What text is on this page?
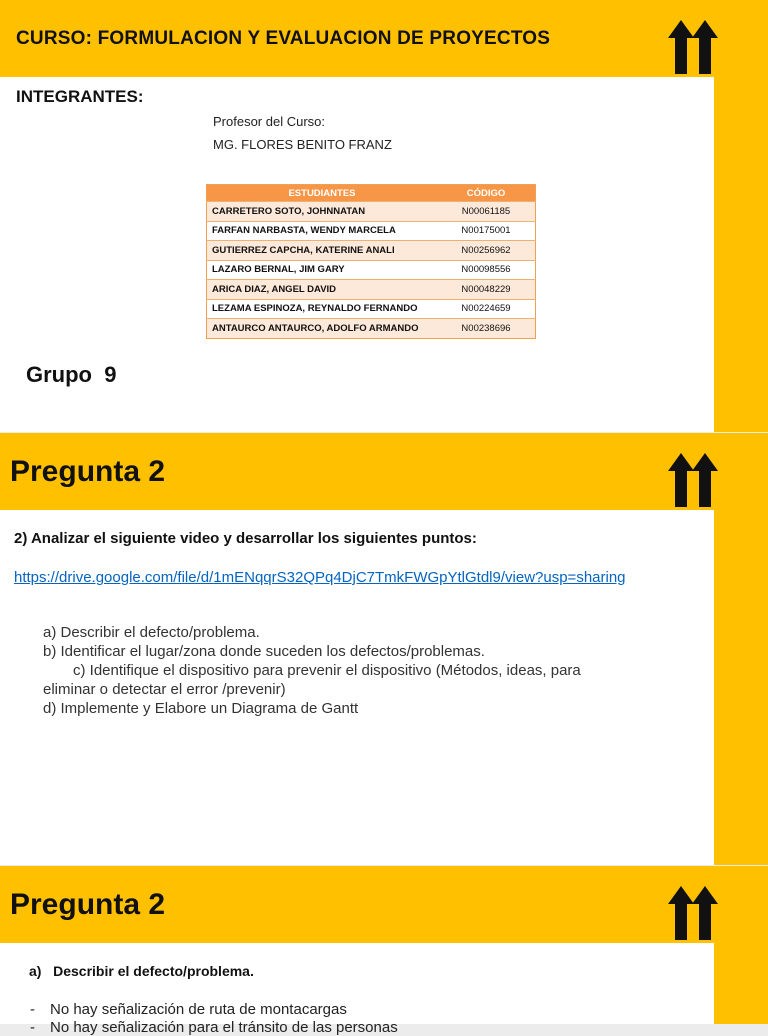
CURSO: FORMULACION Y EVALUACION DE PROYECTOS
INTEGRANTES:
Profesor del Curso:
MG. FLORES BENITO FRANZ
ESTUDIANTES	CÓDIGO
CARRETERO SOTO, JOHNNATAN	N00061185
FARFAN NARBASTA, WENDY MARCELA	N00175001
GUTIERREZ CAPCHA, KATERINE ANALI	N00256962
LAZARO BERNAL, JIM GARY	N00098556
ARICA DIAZ, ANGEL DAVID	N00048229
LEZAMA ESPINOZA, REYNALDO FERNANDO	N00224659
ANTAURCO ANTAURCO, ADOLFO ARMANDO	N00238696
Grupo  9
Pregunta 2
2) Analizar el siguiente video y desarrollar los siguientes puntos:
https://drive.google.com/file/d/1mENqqrS32QPq4DjC7TmkFWGpYtlGtdl9/view?usp=sharing
a) Describir el defecto/problema.
b) Identificar el lugar/zona donde suceden los defectos/problemas.
c) Identifique el dispositivo para prevenir el dispositivo (Métodos, ideas, para
eliminar o detectar el error /prevenir)
d) Implemente y Elabore un Diagrama de Gantt
Pregunta 2
a)   Describir el defecto/problema.
- No hay señalización de ruta de montacargas
- No hay señalización para el tránsito de las personas
